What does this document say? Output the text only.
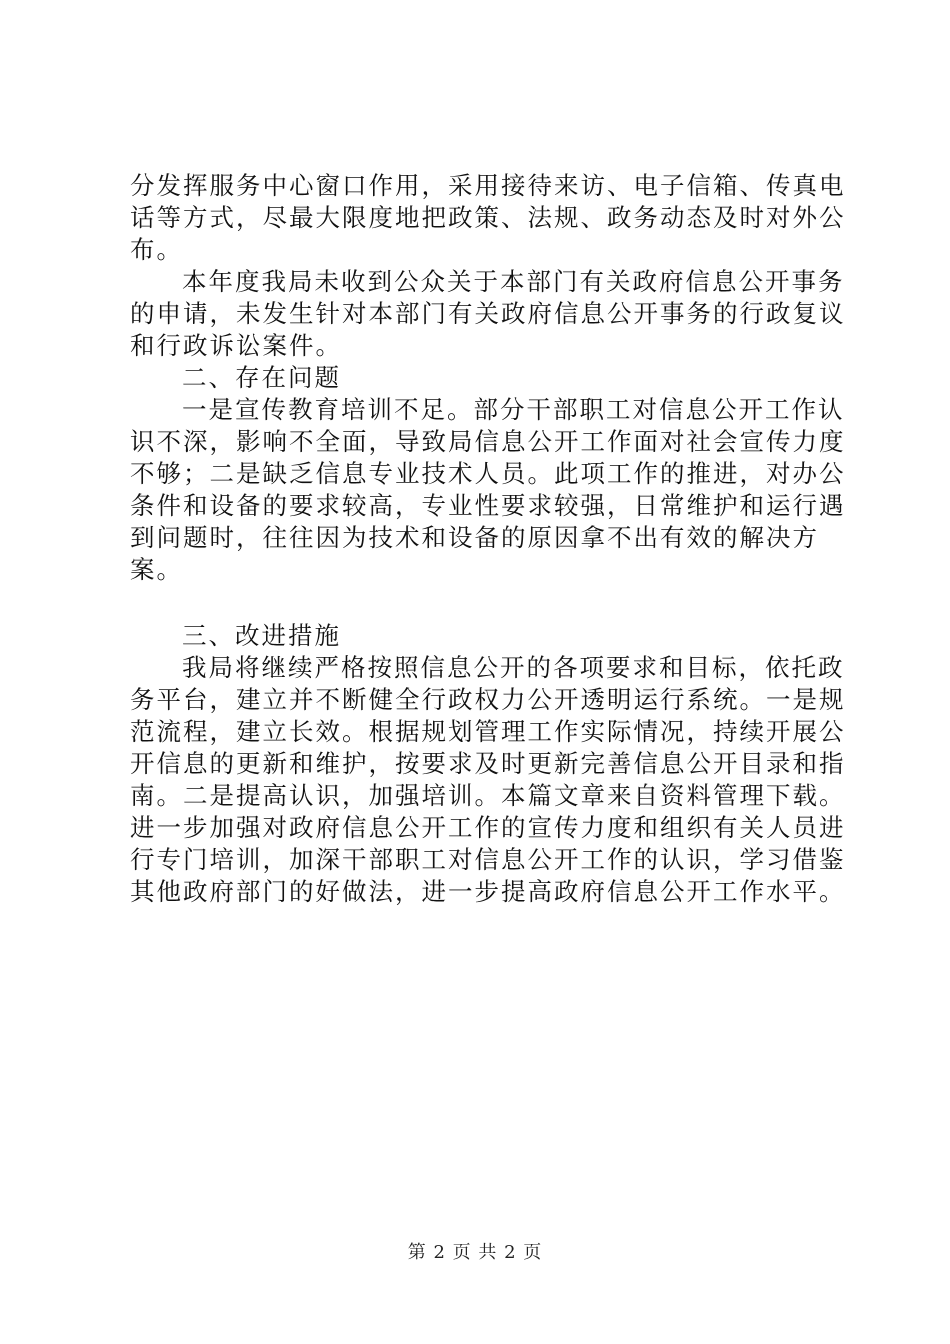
分发挥服务中心窗口作用，采用接待来访、电子信箱、传真电话等方式，尽最大限度地把政策、法规、政务动态及时对外公布。

本年度我局未收到公众关于本部门有关政府信息公开事务的申请，未发生针对本部门有关政府信息公开事务的行政复议和行政诉讼案件。

二、存在问题

一是宣传教育培训不足。部分干部职工对信息公开工作认识不深，影响不全面，导致局信息公开工作面对社会宣传力度不够；二是缺乏信息专业技术人员。此项工作的推进，对办公条件和设备的要求较高，专业性要求较强，日常维护和运行遇到问题时，往往因为技术和设备的原因拿不出有效的解决方案。

三、改进措施

我局将继续严格按照信息公开的各项要求和目标，依托政务平台，建立并不断健全行政权力公开透明运行系统。一是规范流程，建立长效。根据规划管理工作实际情况，持续开展公开信息的更新和维护，按要求及时更新完善信息公开目录和指南。二是提高认识，加强培训。本篇文章来自资料管理下载。进一步加强对政府信息公开工作的宣传力度和组织有关人员进行专门培训，加深干部职工对信息公开工作的认识，学习借鉴其他政府部门的好做法，进一步提高政府信息公开工作水平。

第 2 页 共 2 页
